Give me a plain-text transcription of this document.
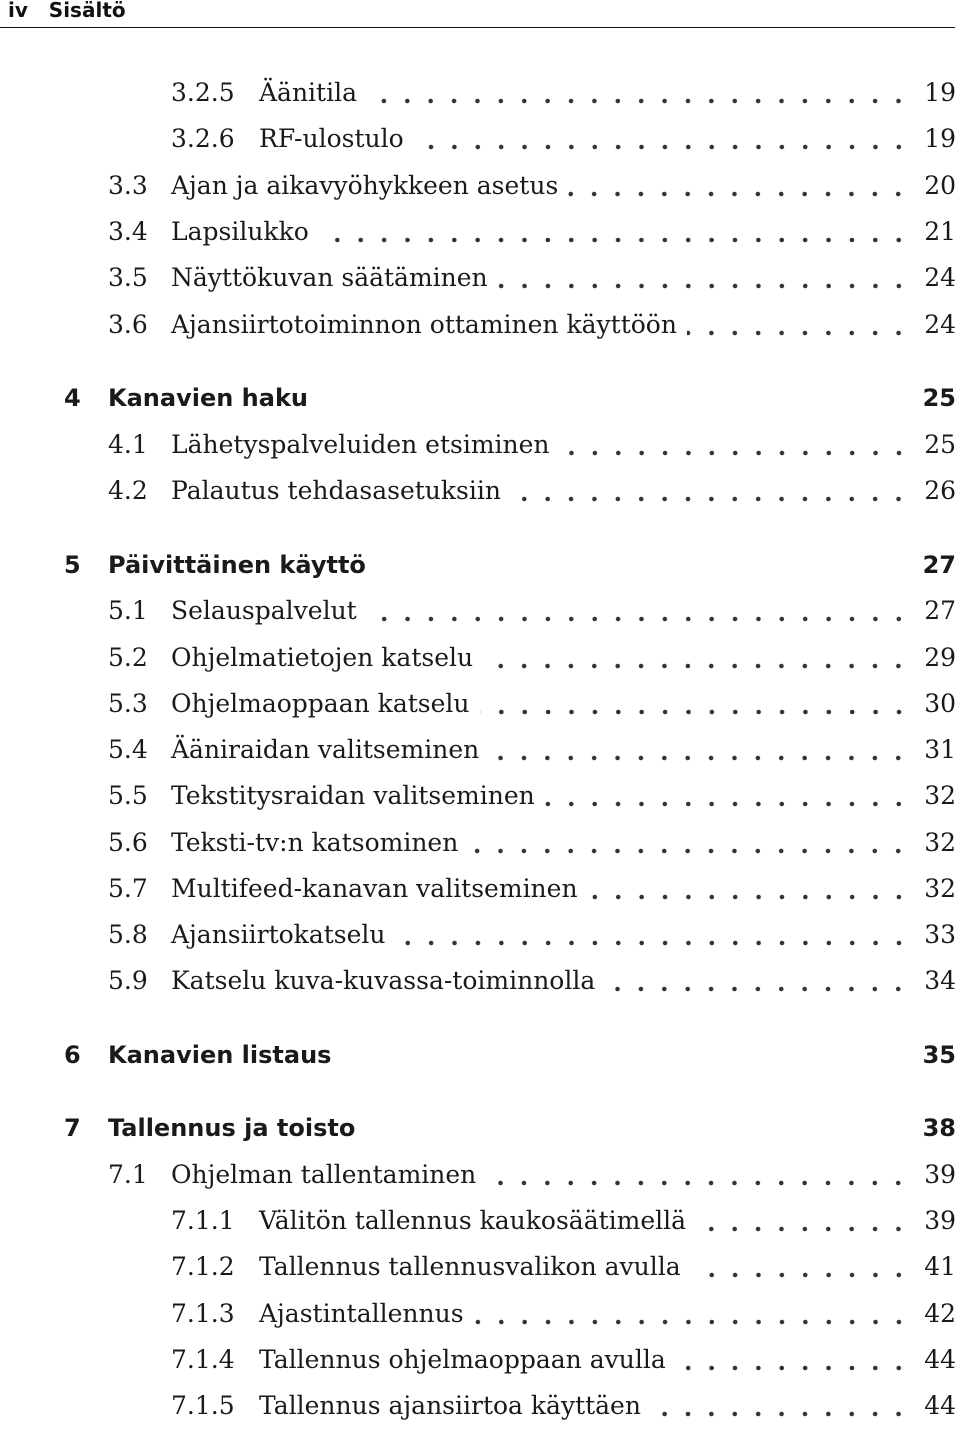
iv Sisältö
3.2.5 Äänitila	19
3.2.6 RF-ulostulo	19
3.3 Ajan ja aikavyöhykkeen asetus	20
3.4 Lapsilukko	21
3.5 Näyttökuvan säätäminen	24
3.6 Ajansiirtotoiminnon ottaminen käyttöön	24
4 Kanavien haku	25
4.1 Lähetyspalveluiden etsiminen	25
4.2 Palautus tehdasasetuksiin	26
5 Päivittäinen käyttö	27
5.1 Selauspalvelut	27
5.2 Ohjelmatietojen katselu	29
5.3 Ohjelmaoppaan katselu	30
5.4 Ääniraidan valitseminen	31
5.5 Tekstitysraidan valitseminen	32
5.6 Teksti-tv:n katsominen	32
5.7 Multifeed-kanavan valitseminen	32
5.8 Ajansiirtokatselu	33
5.9 Katselu kuva-kuvassa-toiminnolla	34
6 Kanavien listaus	35
7 Tallennus ja toisto	38
7.1 Ohjelman tallentaminen	39
7.1.1 Välitön tallennus kaukosäätimellä	39
7.1.2 Tallennus tallennusvalikon avulla	41
7.1.3 Ajastintallennus	42
7.1.4 Tallennus ohjelmaoppaan avulla	44
7.1.5 Tallennus ajansiirtoa käyttäen	44
